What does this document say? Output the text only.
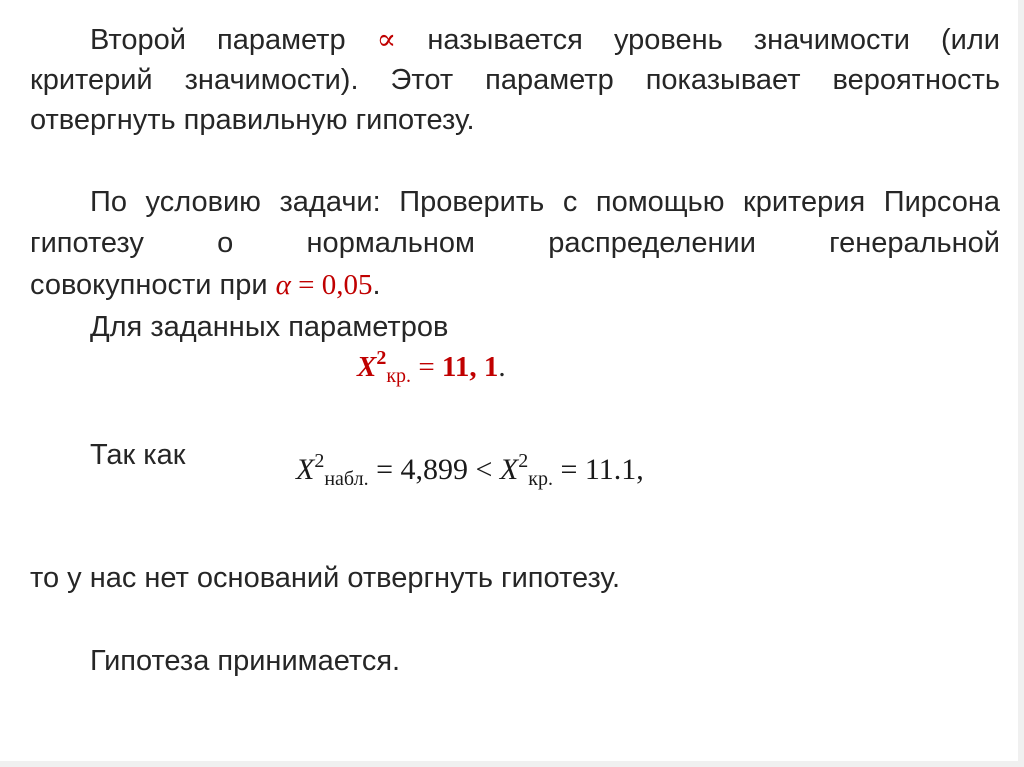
Второй параметр ∝ называется уровень значимости (или
критерий значимости). Этот параметр показывает вероятность
отвергнуть правильную гипотезу.
По условию задачи: Проверить с помощью критерия Пирсона
гипотезу о нормальном распределении генеральной
совокупности при α = 0,05.
Для заданных параметров
$X^2_{кр.} = 11$, 1.
Так как	$X^2_{набл.} = 4,899 < X^2_{кр.} = 11.1$,
то у нас нет оснований отвергнуть гипотезу.
Гипотеза принимается.
